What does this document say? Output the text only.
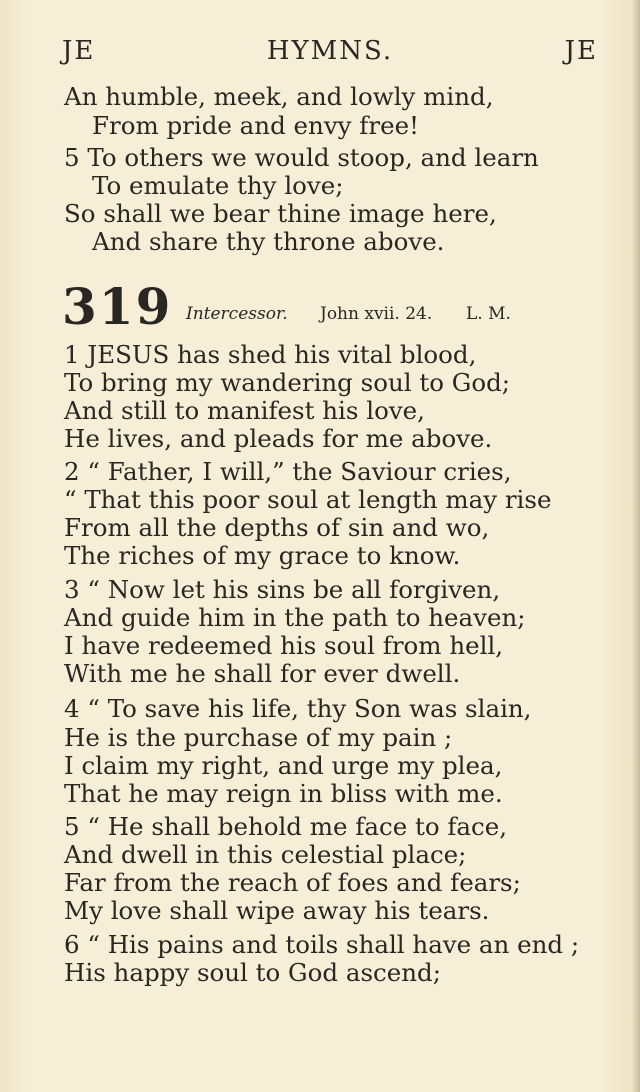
JE	HYMNS.	JE
An humble, meek, and lowly mind,
From pride and envy free!
5 To others we would stoop, and learn
To emulate thy love;
So shall we bear thine image here,
And share thy throne above.
319 Intercessor. John xvii. 24. L. M.
1 JESUS has shed his vital blood,
To bring my wandering soul to God;
And still to manifest his love,
He lives, and pleads for me above.
2 “ Father, I will,” the Saviour cries,
“ That this poor soul at length may rise
From all the depths of sin and wo,
The riches of my grace to know.
3 “ Now let his sins be all forgiven,
And guide him in the path to heaven;
I have redeemed his soul from hell,
With me he shall for ever dwell.
4 “ To save his life, thy Son was slain,
He is the purchase of my pain ;
I claim my right, and urge my plea,
That he may reign in bliss with me.
5 “ He shall behold me face to face,
And dwell in this celestial place;
Far from the reach of foes and fears;
My love shall wipe away his tears.
6 “ His pains and toils shall have an end ;
His happy soul to God ascend;
